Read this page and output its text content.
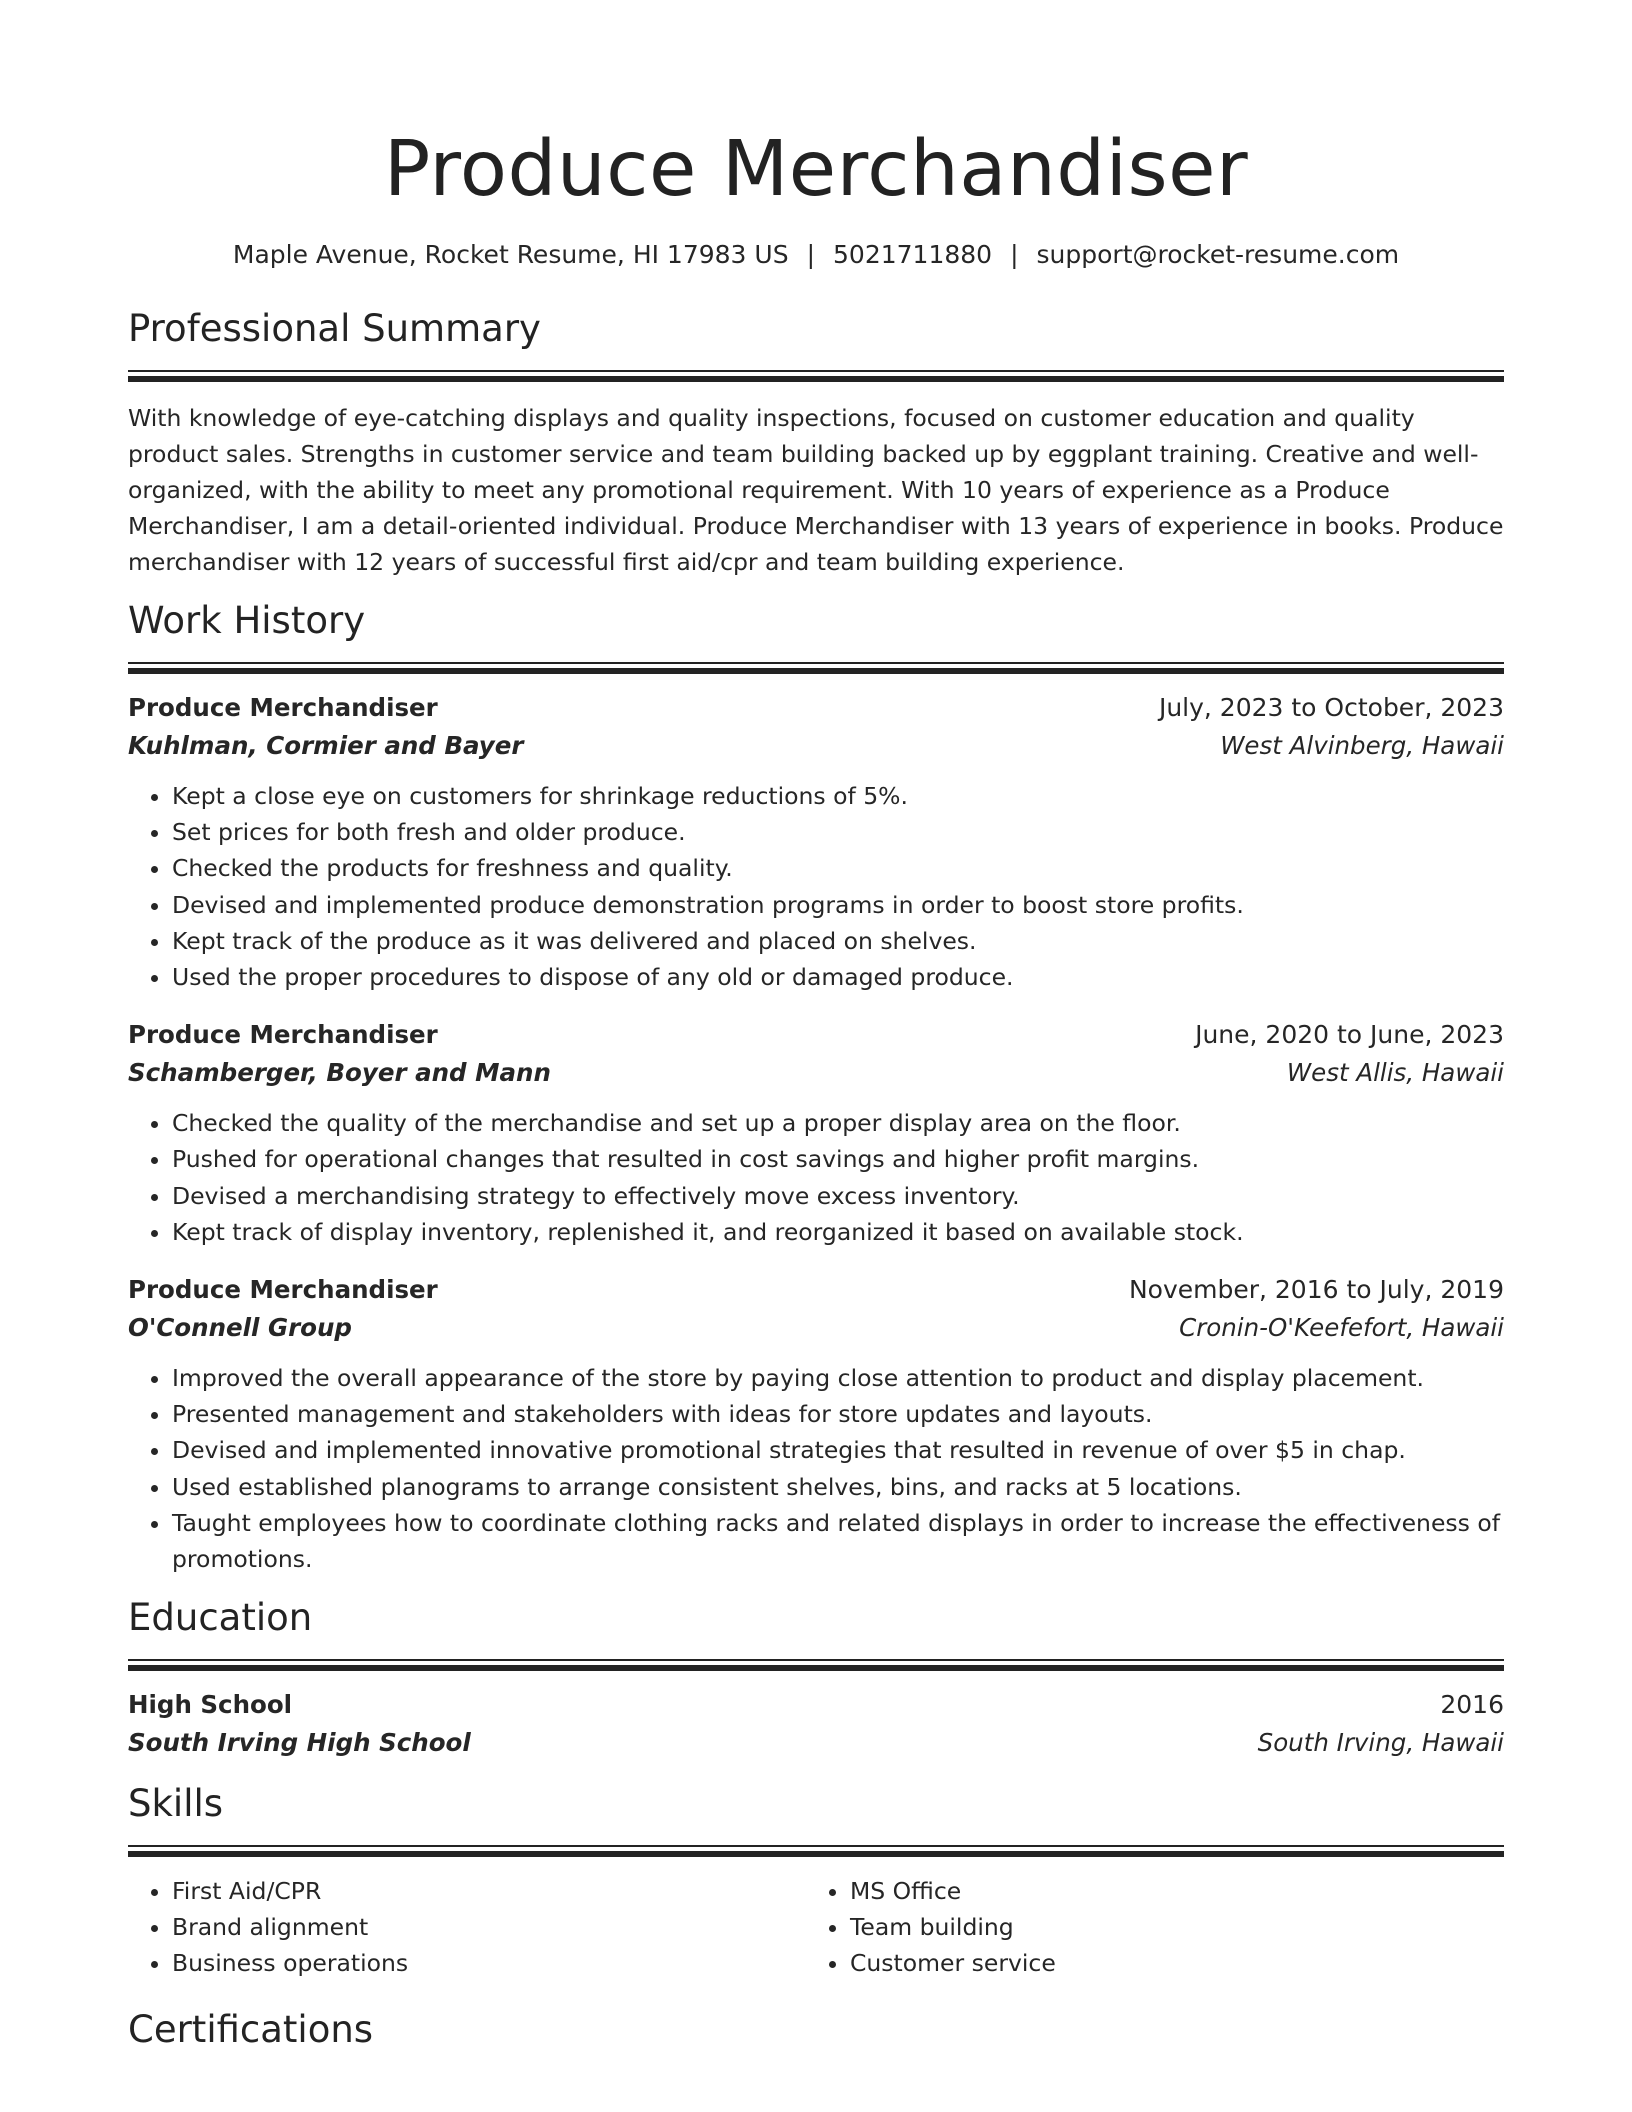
Produce Merchandiser
Maple Avenue, Rocket Resume, HI 17983 US | 5021711880 | support@rocket-resume.com
Professional Summary
With knowledge of eye-catching displays and quality inspections, focused on customer education and quality product sales. Strengths in customer service and team building backed up by eggplant training. Creative and well-organized, with the ability to meet any promotional requirement. With 10 years of experience as a Produce Merchandiser, I am a detail-oriented individual. Produce Merchandiser with 13 years of experience in books. Produce merchandiser with 12 years of successful first aid/cpr and team building experience.
Work History
Produce Merchandiser	July, 2023 to October, 2023
Kuhlman, Cormier and Bayer	West Alvinberg, Hawaii
• Kept a close eye on customers for shrinkage reductions of 5%.
• Set prices for both fresh and older produce.
• Checked the products for freshness and quality.
• Devised and implemented produce demonstration programs in order to boost store profits.
• Kept track of the produce as it was delivered and placed on shelves.
• Used the proper procedures to dispose of any old or damaged produce.
Produce Merchandiser	June, 2020 to June, 2023
Schamberger, Boyer and Mann	West Allis, Hawaii
• Checked the quality of the merchandise and set up a proper display area on the floor.
• Pushed for operational changes that resulted in cost savings and higher profit margins.
• Devised a merchandising strategy to effectively move excess inventory.
• Kept track of display inventory, replenished it, and reorganized it based on available stock.
Produce Merchandiser	November, 2016 to July, 2019
O'Connell Group	Cronin-O'Keefefort, Hawaii
• Improved the overall appearance of the store by paying close attention to product and display placement.
• Presented management and stakeholders with ideas for store updates and layouts.
• Devised and implemented innovative promotional strategies that resulted in revenue of over $5 in chap.
• Used established planograms to arrange consistent shelves, bins, and racks at 5 locations.
• Taught employees how to coordinate clothing racks and related displays in order to increase the effectiveness of promotions.
Education
High School	2016
South Irving High School	South Irving, Hawaii
Skills
• First Aid/CPR
• Brand alignment
• Business operations
• MS Office
• Team building
• Customer service
Certifications
